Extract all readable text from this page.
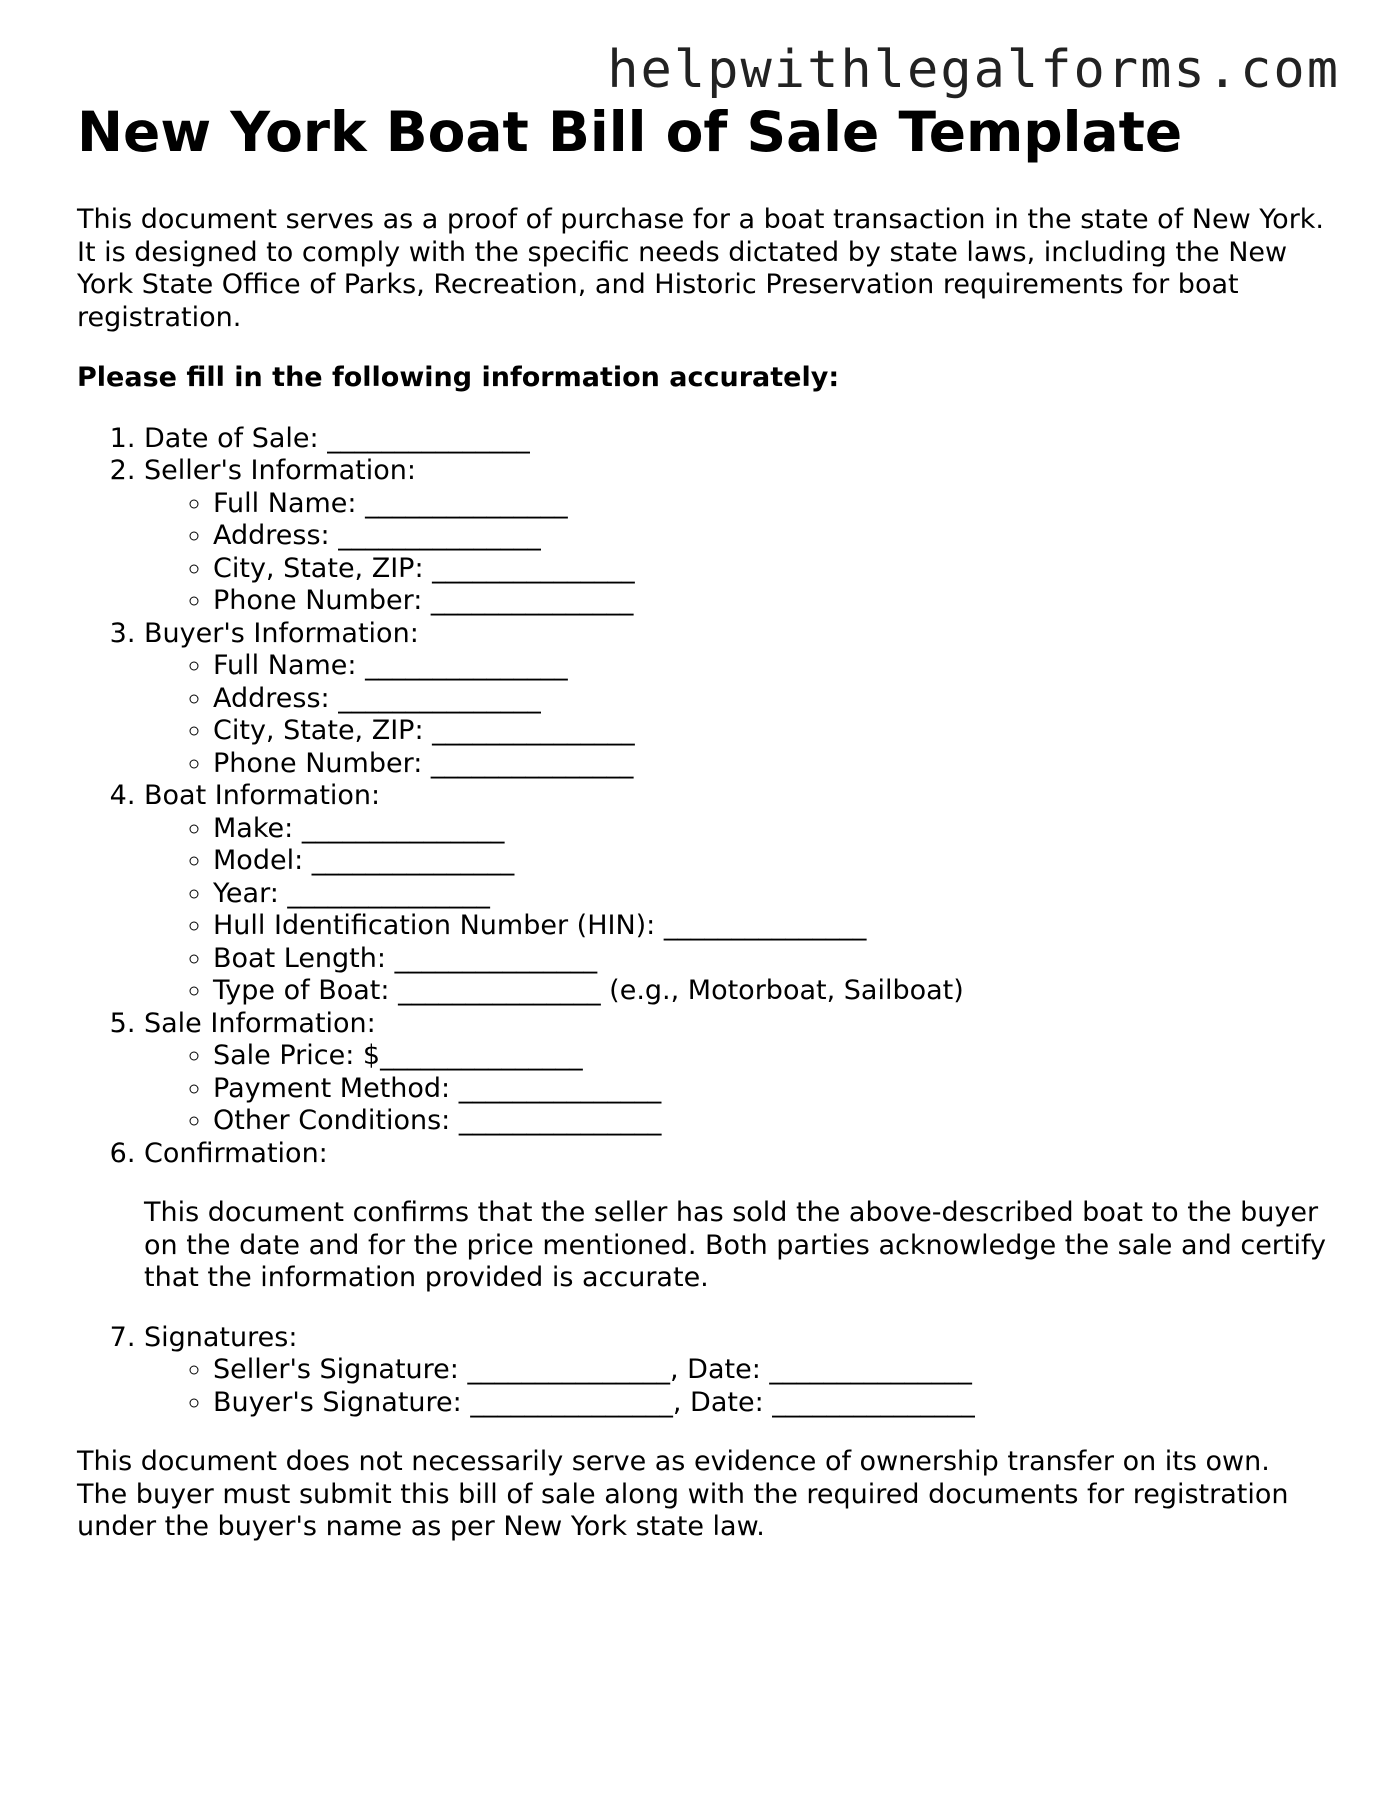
helpwithlegalforms.com
New York Boat Bill of Sale Template

This document serves as a proof of purchase for a boat transaction in the state of New York. It is designed to comply with the specific needs dictated by state laws, including the New York State Office of Parks, Recreation, and Historic Preservation requirements for boat registration.

Please fill in the following information accurately:

1. Date of Sale: _______________
2. Seller's Information:
◦ Full Name: _______________
◦ Address: _______________
◦ City, State, ZIP: _______________
◦ Phone Number: _______________
3. Buyer's Information:
◦ Full Name: _______________
◦ Address: _______________
◦ City, State, ZIP: _______________
◦ Phone Number: _______________
4. Boat Information:
◦ Make: _______________
◦ Model: _______________
◦ Year: _______________
◦ Hull Identification Number (HIN): _______________
◦ Boat Length: _______________
◦ Type of Boat: _______________ (e.g., Motorboat, Sailboat)
5. Sale Information:
◦ Sale Price: $_______________
◦ Payment Method: _______________
◦ Other Conditions: _______________
6. Confirmation:

This document confirms that the seller has sold the above-described boat to the buyer on the date and for the price mentioned. Both parties acknowledge the sale and certify that the information provided is accurate.

7. Signatures:
◦ Seller's Signature: _______________, Date: _______________
◦ Buyer's Signature: _______________, Date: _______________

This document does not necessarily serve as evidence of ownership transfer on its own. The buyer must submit this bill of sale along with the required documents for registration under the buyer's name as per New York state law.
